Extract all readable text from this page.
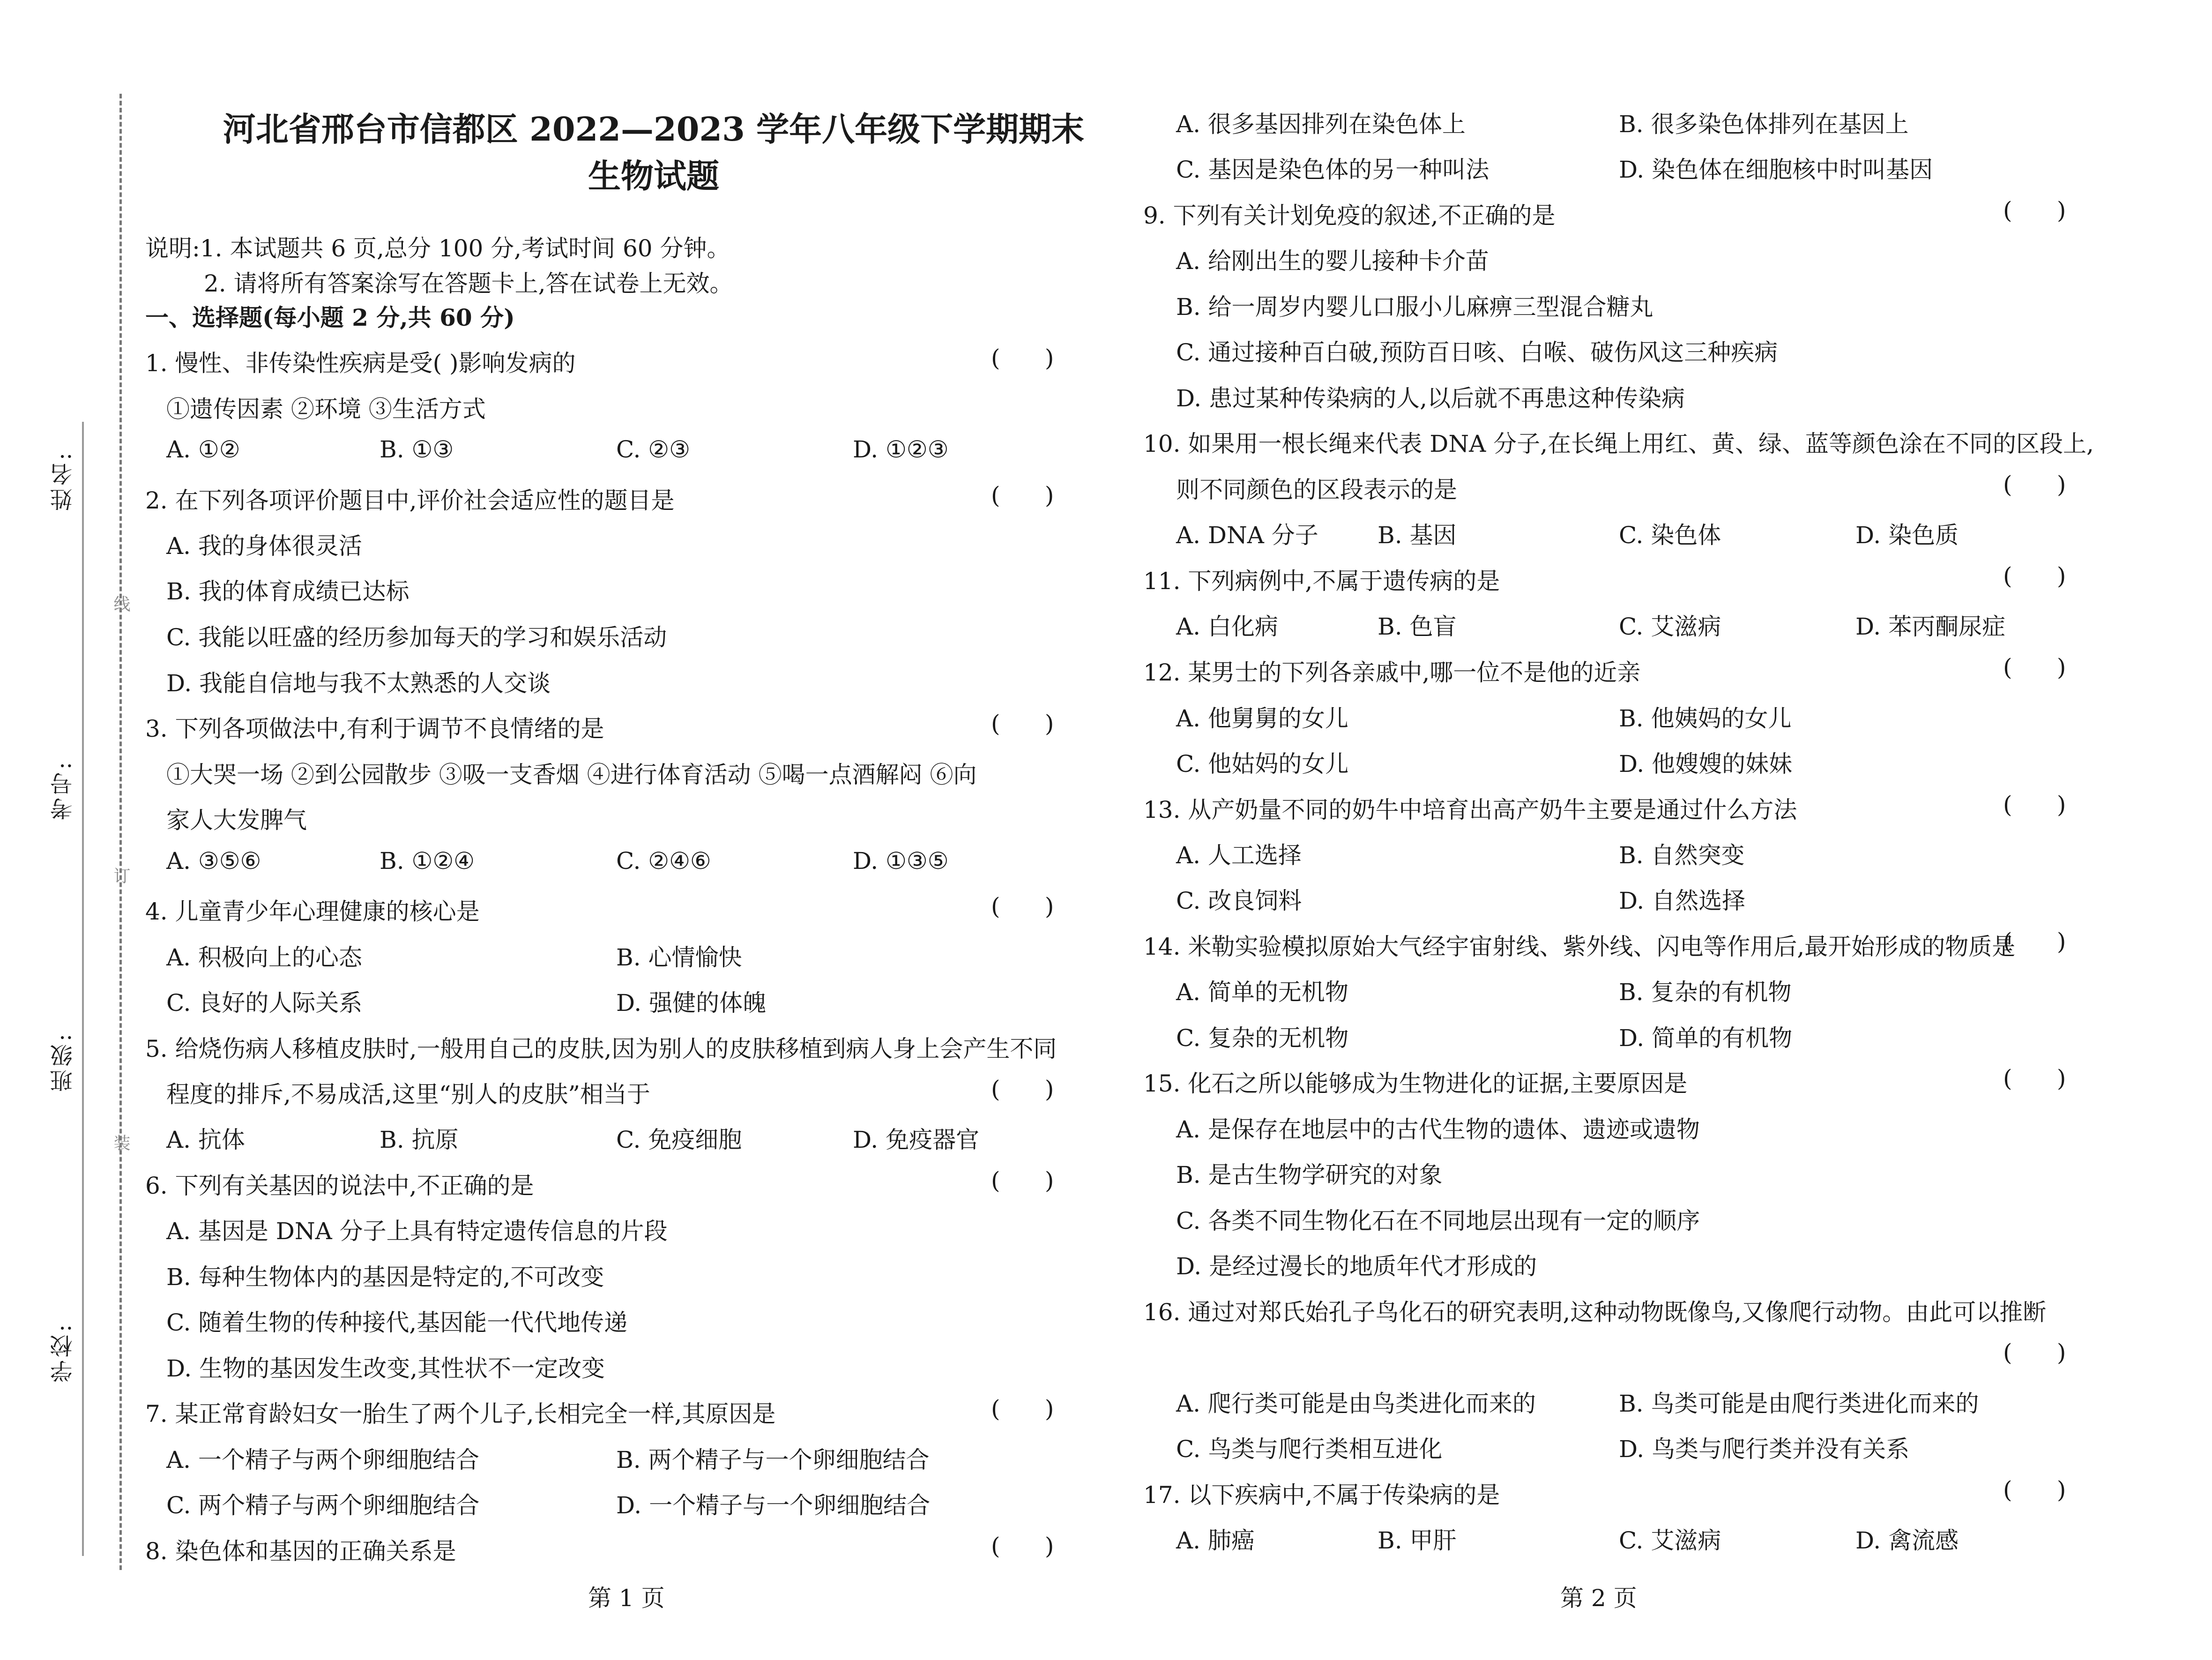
姓名:
考号:
班级:
学校:
线
订
装
河北省邢台市信都区 2022—2023 学年八年级下学期期末
生物试题
说明:1. 本试题共 6 页,总分 100 分,考试时间 60 分钟。
2. 请将所有答案涂写在答题卡上,答在试卷上无效。
一、选择题(每小题 2 分,共 60 分)
1. 慢性、非传染性疾病是受( )影响发病的	(      )
①遗传因素 ②环境 ③生活方式
A. ①②	B. ①③	C. ②③	D. ①②③
2. 在下列各项评价题目中,评价社会适应性的题目是	(      )
A. 我的身体很灵活
B. 我的体育成绩已达标
C. 我能以旺盛的经历参加每天的学习和娱乐活动
D. 我能自信地与我不太熟悉的人交谈
3. 下列各项做法中,有利于调节不良情绪的是	(      )
①大哭一场 ②到公园散步 ③吸一支香烟 ④进行体育活动 ⑤喝一点酒解闷 ⑥向
家人大发脾气
A. ③⑤⑥	B. ①②④	C. ②④⑥	D. ①③⑤
4. 儿童青少年心理健康的核心是	(      )
A. 积极向上的心态	B. 心情愉快
C. 良好的人际关系	D. 强健的体魄
5. 给烧伤病人移植皮肤时,一般用自己的皮肤,因为别人的皮肤移植到病人身上会产生不同
程度的排斥,不易成活,这里“别人的皮肤”相当于	(      )
A. 抗体	B. 抗原	C. 免疫细胞	D. 免疫器官
6. 下列有关基因的说法中,不正确的是	(      )
A. 基因是 DNA 分子上具有特定遗传信息的片段
B. 每种生物体内的基因是特定的,不可改变
C. 随着生物的传种接代,基因能一代代地传递
D. 生物的基因发生改变,其性状不一定改变
7. 某正常育龄妇女一胎生了两个儿子,长相完全一样,其原因是	(      )
A. 一个精子与两个卵细胞结合	B. 两个精子与一个卵细胞结合
C. 两个精子与两个卵细胞结合	D. 一个精子与一个卵细胞结合
8. 染色体和基因的正确关系是	(      )
第 1 页
A. 很多基因排列在染色体上	B. 很多染色体排列在基因上
C. 基因是染色体的另一种叫法	D. 染色体在细胞核中时叫基因
9. 下列有关计划免疫的叙述,不正确的是	(      )
A. 给刚出生的婴儿接种卡介苗
B. 给一周岁内婴儿口服小儿麻痹三型混合糖丸
C. 通过接种百白破,预防百日咳、白喉、破伤风这三种疾病
D. 患过某种传染病的人,以后就不再患这种传染病
10. 如果用一根长绳来代表 DNA 分子,在长绳上用红、黄、绿、蓝等颜色涂在不同的区段上,
则不同颜色的区段表示的是	(      )
A. DNA 分子	B. 基因	C. 染色体	D. 染色质
11. 下列病例中,不属于遗传病的是	(      )
A. 白化病	B. 色盲	C. 艾滋病	D. 苯丙酮尿症
12. 某男士的下列各亲戚中,哪一位不是他的近亲	(      )
A. 他舅舅的女儿	B. 他姨妈的女儿
C. 他姑妈的女儿	D. 他嫂嫂的妹妹
13. 从产奶量不同的奶牛中培育出高产奶牛主要是通过什么方法	(      )
A. 人工选择	B. 自然突变
C. 改良饲料	D. 自然选择
14. 米勒实验模拟原始大气经宇宙射线、紫外线、闪电等作用后,最开始形成的物质是
(      )
A. 简单的无机物	B. 复杂的有机物
C. 复杂的无机物	D. 简单的有机物
15. 化石之所以能够成为生物进化的证据,主要原因是	(      )
A. 是保存在地层中的古代生物的遗体、遗迹或遗物
B. 是古生物学研究的对象
C. 各类不同生物化石在不同地层出现有一定的顺序
D. 是经过漫长的地质年代才形成的
16. 通过对郑氏始孔子鸟化石的研究表明,这种动物既像鸟,又像爬行动物。由此可以推断
(      )
A. 爬行类可能是由鸟类进化而来的	B. 鸟类可能是由爬行类进化而来的
C. 鸟类与爬行类相互进化	D. 鸟类与爬行类并没有关系
17. 以下疾病中,不属于传染病的是	(      )
A. 肺癌	B. 甲肝	C. 艾滋病	D. 禽流感
第 2 页
